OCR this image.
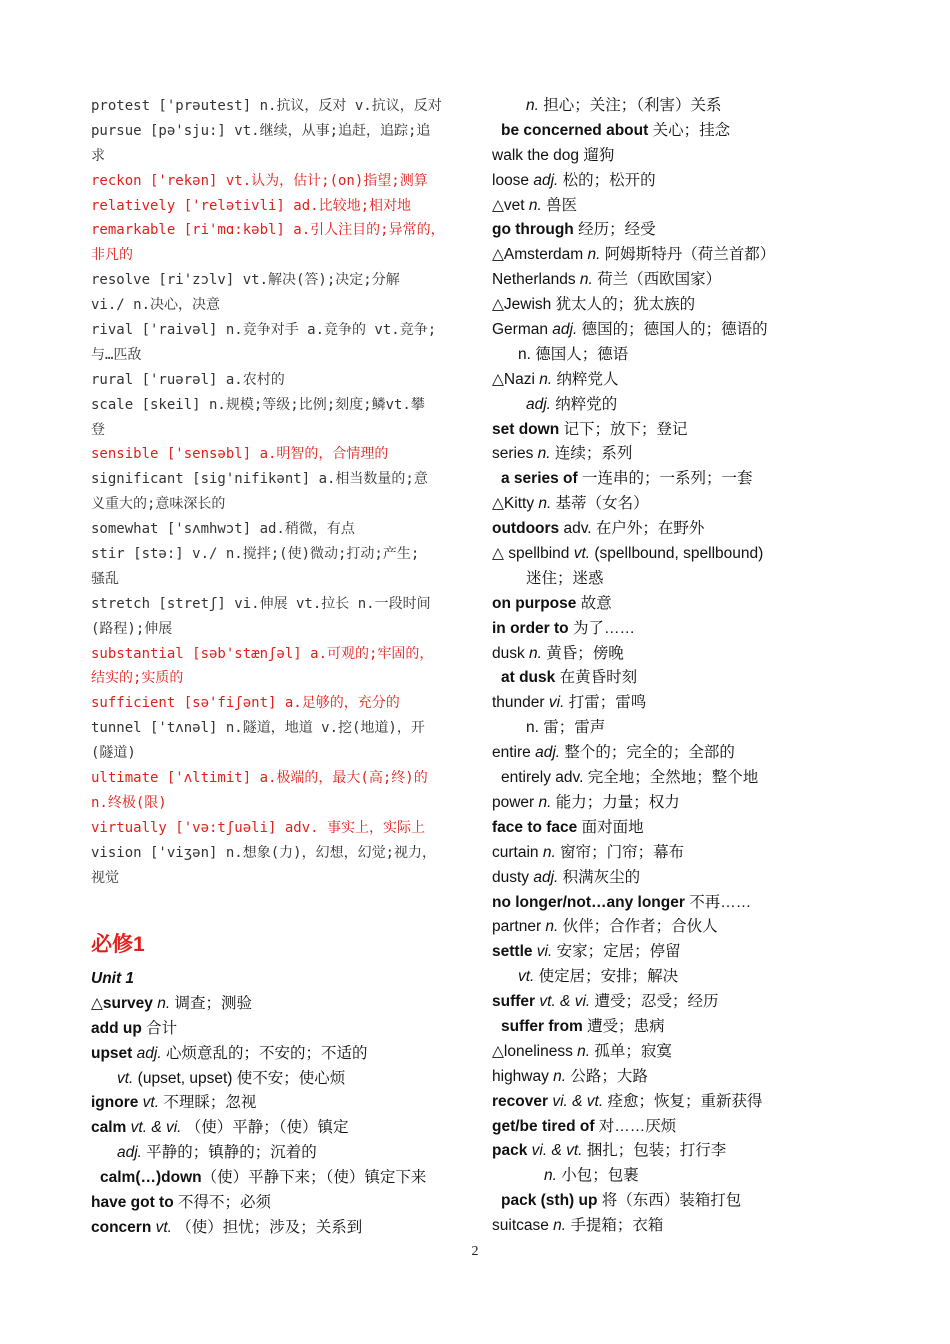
protest ['prəutest] n.抗议，反对 v.抗议，反对
pursue [pə'sju:] vt.继续，从事;追赶，追踪;追
求
reckon ['rekən] vt.认为，估计;(on)指望;测算
relatively ['relətivli] ad.比较地;相对地
remarkable [ri'mɑ:kəbl] a.引人注目的;异常的，
非凡的
resolve [ri'zɔlv] vt.解决(答);决定;分解
vi./ n.决心，决意
rival ['raivəl] n.竞争对手 a.竞争的 vt.竞争;
与…匹敌
rural ['ruərəl] a.农村的
scale [skeil] n.规模;等级;比例;刻度;鳞vt.攀
登
sensible ['sensəbl] a.明智的，合情理的
significant [sig'nifikənt] a.相当数量的;意
义重大的;意味深长的
somewhat ['sʌmhwɔt] ad.稍微，有点
stir [stə:] v./ n.搅拌;(使)微动;打动;产生;
骚乱
stretch [stretʃ] vi.伸展 vt.拉长 n.一段时间
(路程);伸展
substantial [səb'stænʃəl] a.可观的;牢固的，
结实的;实质的
sufficient [sə'fiʃənt] a.足够的，充分的
tunnel ['tʌnəl] n.隧道，地道 v.挖(地道)，开
(隧道)
ultimate ['ʌltimit] a.极端的，最大(高;终)的
n.终极(限)
virtually ['və:tʃuəli] adv. 事实上，实际上
vision ['viʒən] n.想象(力)，幻想，幻觉;视力，
视觉
必修1
Unit 1
△survey n. 调查；测验
add up 合计
upset adj. 心烦意乱的；不安的；不适的
vt. (upset, upset) 使不安；使心烦
ignore vt. 不理睬；忽视
calm vt. & vi. （使）平静；（使）镇定
adj. 平静的；镇静的；沉着的
calm(…)down（使）平静下来；（使）镇定下来
have got to 不得不；必须
concern vt. （使）担忧；涉及；关系到
n. 担心；关注；（利害）关系
be concerned about 关心；挂念
walk the dog 遛狗
loose adj. 松的；松开的
△vet n. 兽医
go through 经历；经受
△Amsterdam n. 阿姆斯特丹（荷兰首都）
Netherlands n. 荷兰（西欧国家）
△Jewish 犹太人的；犹太族的
German adj. 德国的；德国人的；德语的
n. 德国人；德语
△Nazi n. 纳粹党人
adj. 纳粹党的
set down 记下；放下；登记
series n. 连续；系列
a series of 一连串的；一系列；一套
△Kitty n. 基蒂（女名）
outdoors adv. 在户外；在野外
△ spellbind vt. (spellbound, spellbound)
迷住；迷惑
on purpose 故意
in order to 为了……
dusk n. 黄昏；傍晚
at dusk 在黄昏时刻
thunder vi. 打雷；雷鸣
n. 雷；雷声
entire adj. 整个的；完全的；全部的
entirely adv. 完全地；全然地；整个地
power n. 能力；力量；权力
face to face 面对面地
curtain n. 窗帘；门帘；幕布
dusty adj. 积满灰尘的
no longer/not…any longer 不再……
partner n. 伙伴；合作者；合伙人
settle vi. 安家；定居；停留
vt. 使定居；安排；解决
suffer vt. & vi. 遭受；忍受；经历
suffer from 遭受；患病
△loneliness n. 孤单；寂寞
highway n. 公路；大路
recover vi. & vt. 痊愈；恢复；重新获得
get/be tired of 对……厌烦
pack vi. & vt. 捆扎；包装；打行李
n. 小包；包裹
pack (sth) up 将（东西）装箱打包
suitcase n. 手提箱；衣箱
2
